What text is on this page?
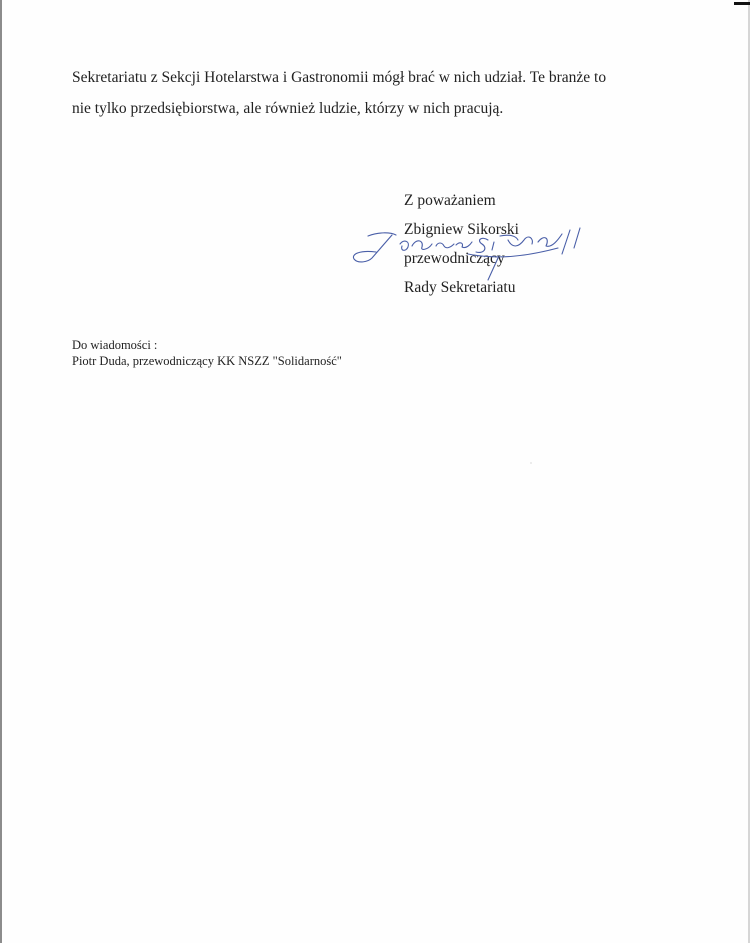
Sekretariatu z Sekcji Hotelarstwa i Gastronomii mógł brać w nich udział. Te branże to
nie tylko przedsiębiorstwa, ale również ludzie, którzy w nich pracują.
Z poważaniem
Zbigniew Sikorski
przewodniczący
Rady Sekretariatu
Do wiadomości :
Piotr Duda, przewodniczący KK NSZZ "Solidarność"
